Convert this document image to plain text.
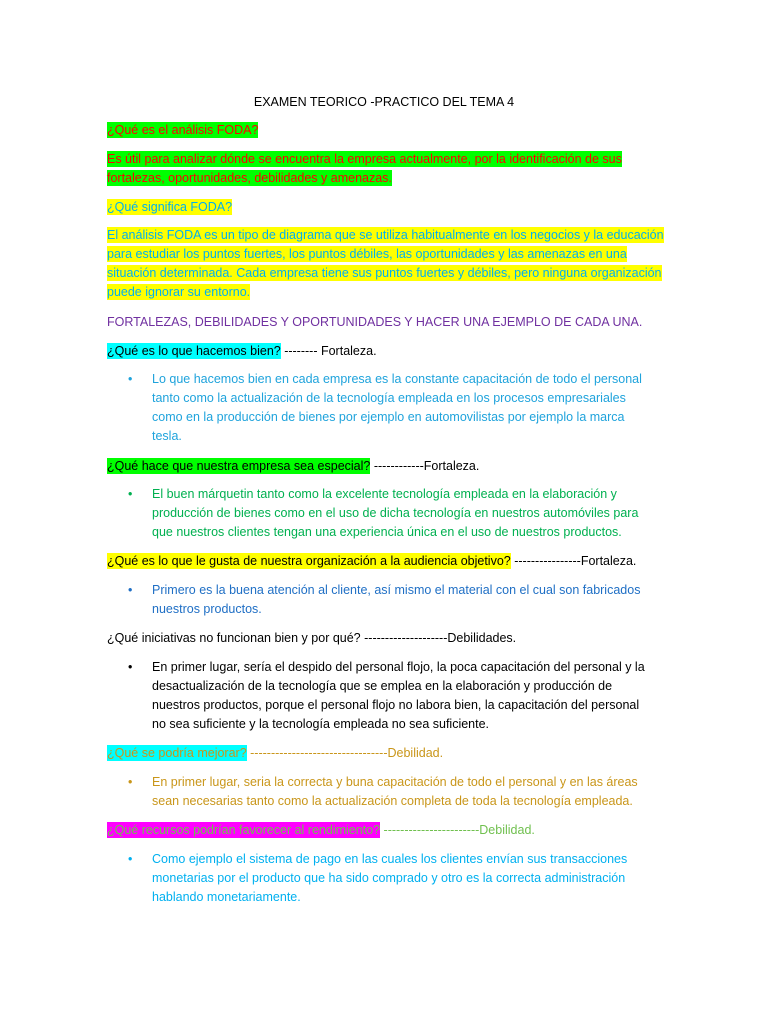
EXAMEN TEORICO -PRACTICO DEL TEMA 4
¿Qué es el análisis FODA?
Es útil para analizar dónde se encuentra la empresa actualmente, por la identificación de sus fortalezas, oportunidades, debilidades y amenazas.
¿Qué significa FODA?
El análisis FODA es un tipo de diagrama que se utiliza habitualmente en los negocios y la educación para estudiar los puntos fuertes, los puntos débiles, las oportunidades y las amenazas en una situación determinada. Cada empresa tiene sus puntos fuertes y débiles, pero ninguna organización puede ignorar su entorno.
FORTALEZAS, DEBILIDADES Y OPORTUNIDADES Y HACER UNA EJEMPLO DE CADA UNA.
¿Qué es lo que hacemos bien? -------- Fortaleza.
•	Lo que hacemos bien en cada empresa es la constante capacitación de todo el personal tanto como la actualización de la tecnología empleada en los procesos empresariales como en la producción de bienes por ejemplo en automovilistas por ejemplo la marca tesla.
¿Qué hace que nuestra empresa sea especial? ------------Fortaleza.
•	El buen márquetin tanto como la excelente tecnología empleada en la elaboración y producción de bienes como en el uso de dicha tecnología en nuestros automóviles para que nuestros clientes tengan una experiencia única en el uso de nuestros productos.
¿Qué es lo que le gusta de nuestra organización a la audiencia objetivo? ----------------Fortaleza.
•	Primero es la buena atención al cliente, así mismo el material con el cual son fabricados nuestros productos.
¿Qué iniciativas no funcionan bien y por qué? --------------------Debilidades.
•	En primer lugar, sería el despido del personal flojo, la poca capacitación del personal y la desactualización de la tecnología que se emplea en la elaboración y producción de nuestros productos, porque el personal flojo no labora bien, la capacitación del personal no sea suficiente y la tecnología empleada no sea suficiente.
¿Qué se podría mejorar? ---------------------------------Debilidad.
•	En primer lugar, seria la correcta y buna capacitación de todo el personal y en las áreas sean necesarias tanto como la actualización completa de toda la tecnología empleada.
¿Qué recursos podrían favorecer al rendimiento? -----------------------Debilidad.
•	Como ejemplo el sistema de pago en las cuales los clientes envían sus transacciones monetarias por el producto que ha sido comprado y otro es la correcta administración hablando monetariamente.
